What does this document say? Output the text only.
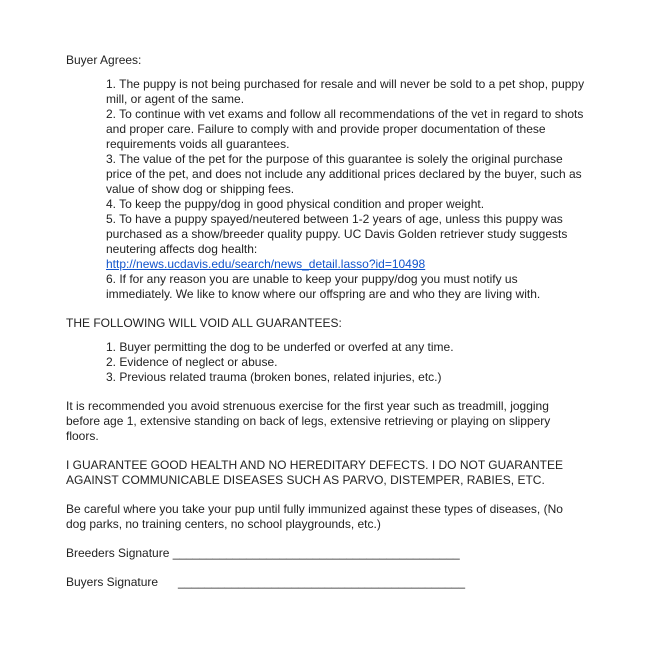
Buyer Agrees:
1. The puppy is not being purchased for resale and will never be sold to a pet shop, puppy mill, or agent of the same.
2. To continue with vet exams and follow all recommendations of the vet in regard to shots and proper care. Failure to comply with and provide proper documentation of these requirements voids all guarantees.
3. The value of the pet for the purpose of this guarantee is solely the original purchase price of the pet, and does not include any additional prices declared by the buyer, such as value of show dog or shipping fees.
4. To keep the puppy/dog in good physical condition and proper weight.
5. To have a puppy spayed/neutered between 1-2 years of age, unless this puppy was purchased as a show/breeder quality puppy. UC Davis Golden retriever study suggests neutering affects dog health:
http://news.ucdavis.edu/search/news_detail.lasso?id=10498
6. If for any reason you are unable to keep your puppy/dog you must notify us immediately. We like to know where our offspring are and who they are living with.
THE FOLLOWING WILL VOID ALL GUARANTEES:
1. Buyer permitting the dog to be underfed or overfed at any time.
2. Evidence of neglect or abuse.
3. Previous related trauma (broken bones, related injuries, etc.)

It is recommended you avoid strenuous exercise for the first year such as treadmill, jogging before age 1, extensive standing on back of legs, extensive retrieving or playing on slippery floors.

I GUARANTEE GOOD HEALTH AND NO HEREDITARY DEFECTS. I DO NOT GUARANTEE AGAINST COMMUNICABLE DISEASES SUCH AS PARVO, DISTEMPER, RABIES, ETC.

Be careful where you take your pup until fully immunized against these types of diseases, (No dog parks, no training centers, no school playgrounds, etc.)

Breeders Signature ___________________________________________
Buyers Signature      ___________________________________________
